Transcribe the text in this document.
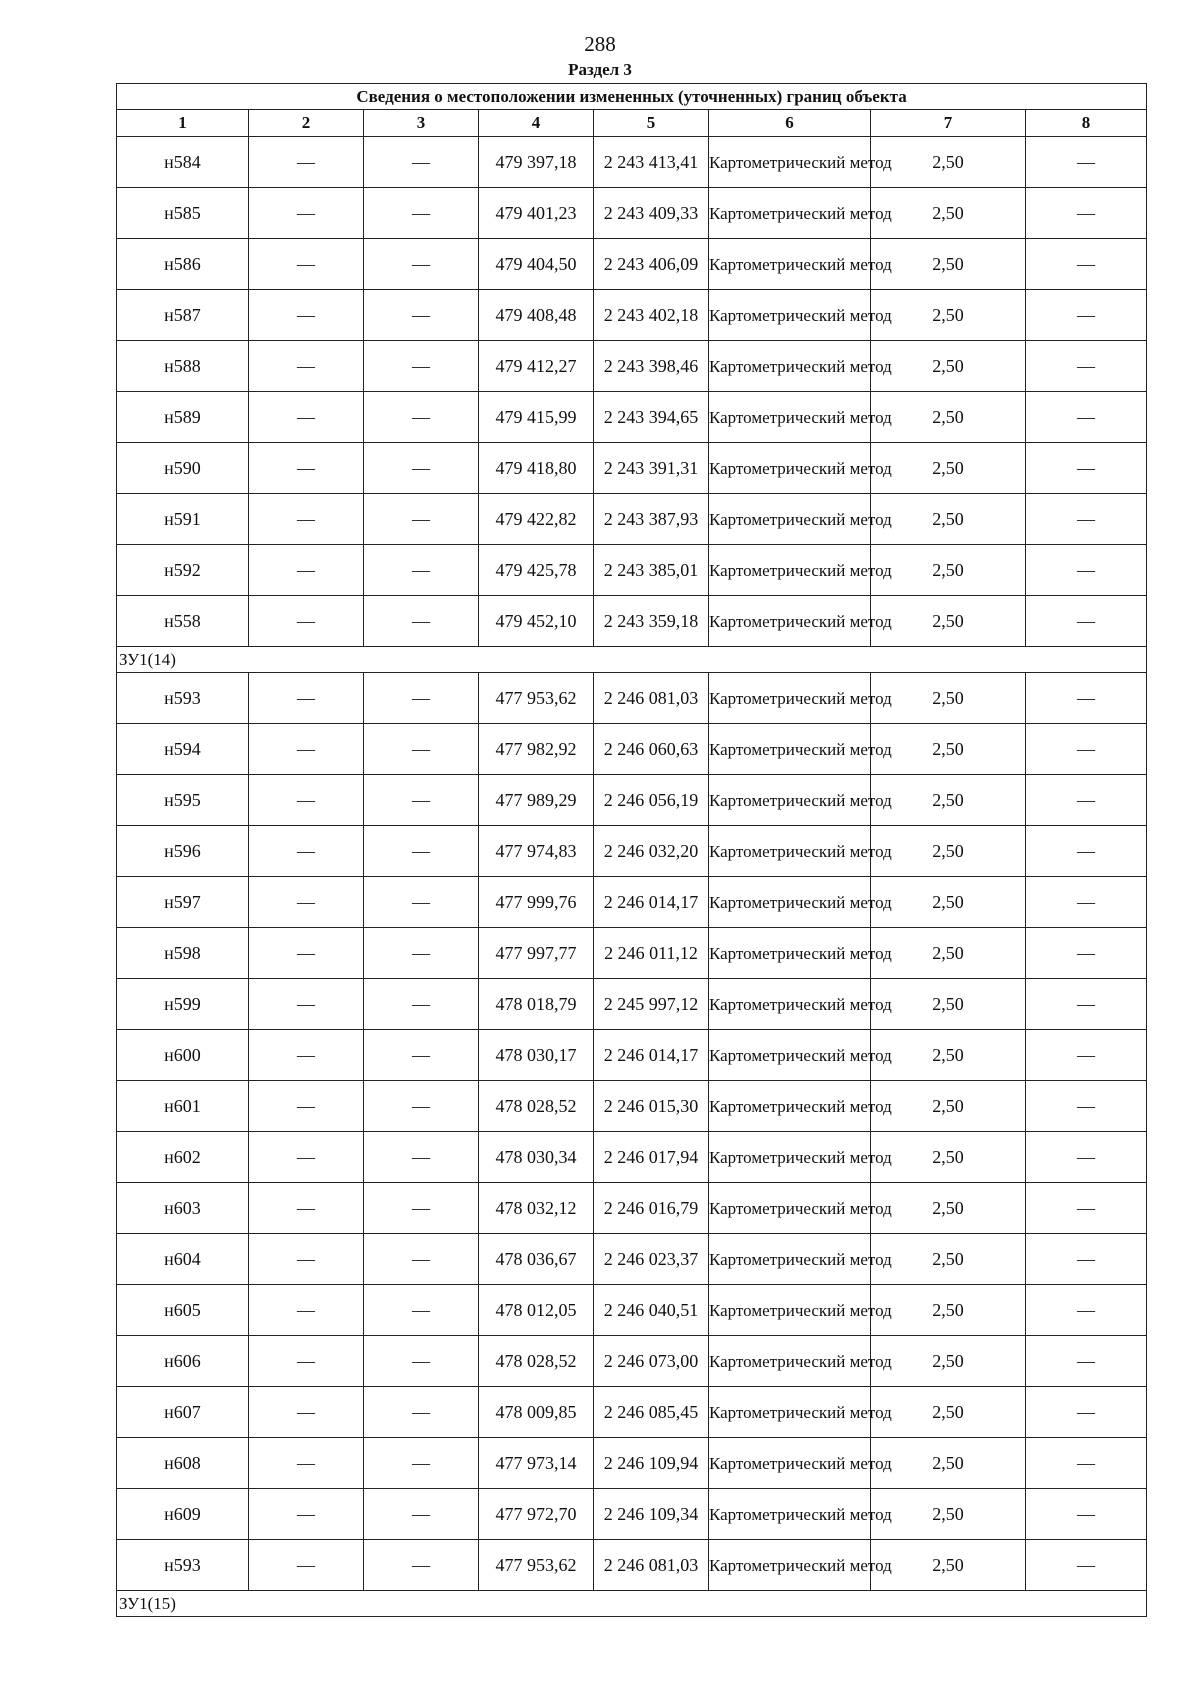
288
Раздел 3
Сведения о местоположении измененных (уточненных) границ объекта							
1	2	3	4	5	6	7	8
н584	—	—	479 397,18	2 243 413,41	Картометрический метод	2,50	—
н585	—	—	479 401,23	2 243 409,33	Картометрический метод	2,50	—
н586	—	—	479 404,50	2 243 406,09	Картометрический метод	2,50	—
н587	—	—	479 408,48	2 243 402,18	Картометрический метод	2,50	—
н588	—	—	479 412,27	2 243 398,46	Картометрический метод	2,50	—
н589	—	—	479 415,99	2 243 394,65	Картометрический метод	2,50	—
н590	—	—	479 418,80	2 243 391,31	Картометрический метод	2,50	—
н591	—	—	479 422,82	2 243 387,93	Картометрический метод	2,50	—
н592	—	—	479 425,78	2 243 385,01	Картометрический метод	2,50	—
н558	—	—	479 452,10	2 243 359,18	Картометрический метод	2,50	—
ЗУ1(14)							
н593	—	—	477 953,62	2 246 081,03	Картометрический метод	2,50	—
н594	—	—	477 982,92	2 246 060,63	Картометрический метод	2,50	—
н595	—	—	477 989,29	2 246 056,19	Картометрический метод	2,50	—
н596	—	—	477 974,83	2 246 032,20	Картометрический метод	2,50	—
н597	—	—	477 999,76	2 246 014,17	Картометрический метод	2,50	—
н598	—	—	477 997,77	2 246 011,12	Картометрический метод	2,50	—
н599	—	—	478 018,79	2 245 997,12	Картометрический метод	2,50	—
н600	—	—	478 030,17	2 246 014,17	Картометрический метод	2,50	—
н601	—	—	478 028,52	2 246 015,30	Картометрический метод	2,50	—
н602	—	—	478 030,34	2 246 017,94	Картометрический метод	2,50	—
н603	—	—	478 032,12	2 246 016,79	Картометрический метод	2,50	—
н604	—	—	478 036,67	2 246 023,37	Картометрический метод	2,50	—
н605	—	—	478 012,05	2 246 040,51	Картометрический метод	2,50	—
н606	—	—	478 028,52	2 246 073,00	Картометрический метод	2,50	—
н607	—	—	478 009,85	2 246 085,45	Картометрический метод	2,50	—
н608	—	—	477 973,14	2 246 109,94	Картометрический метод	2,50	—
н609	—	—	477 972,70	2 246 109,34	Картометрический метод	2,50	—
н593	—	—	477 953,62	2 246 081,03	Картометрический метод	2,50	—
ЗУ1(15)							
